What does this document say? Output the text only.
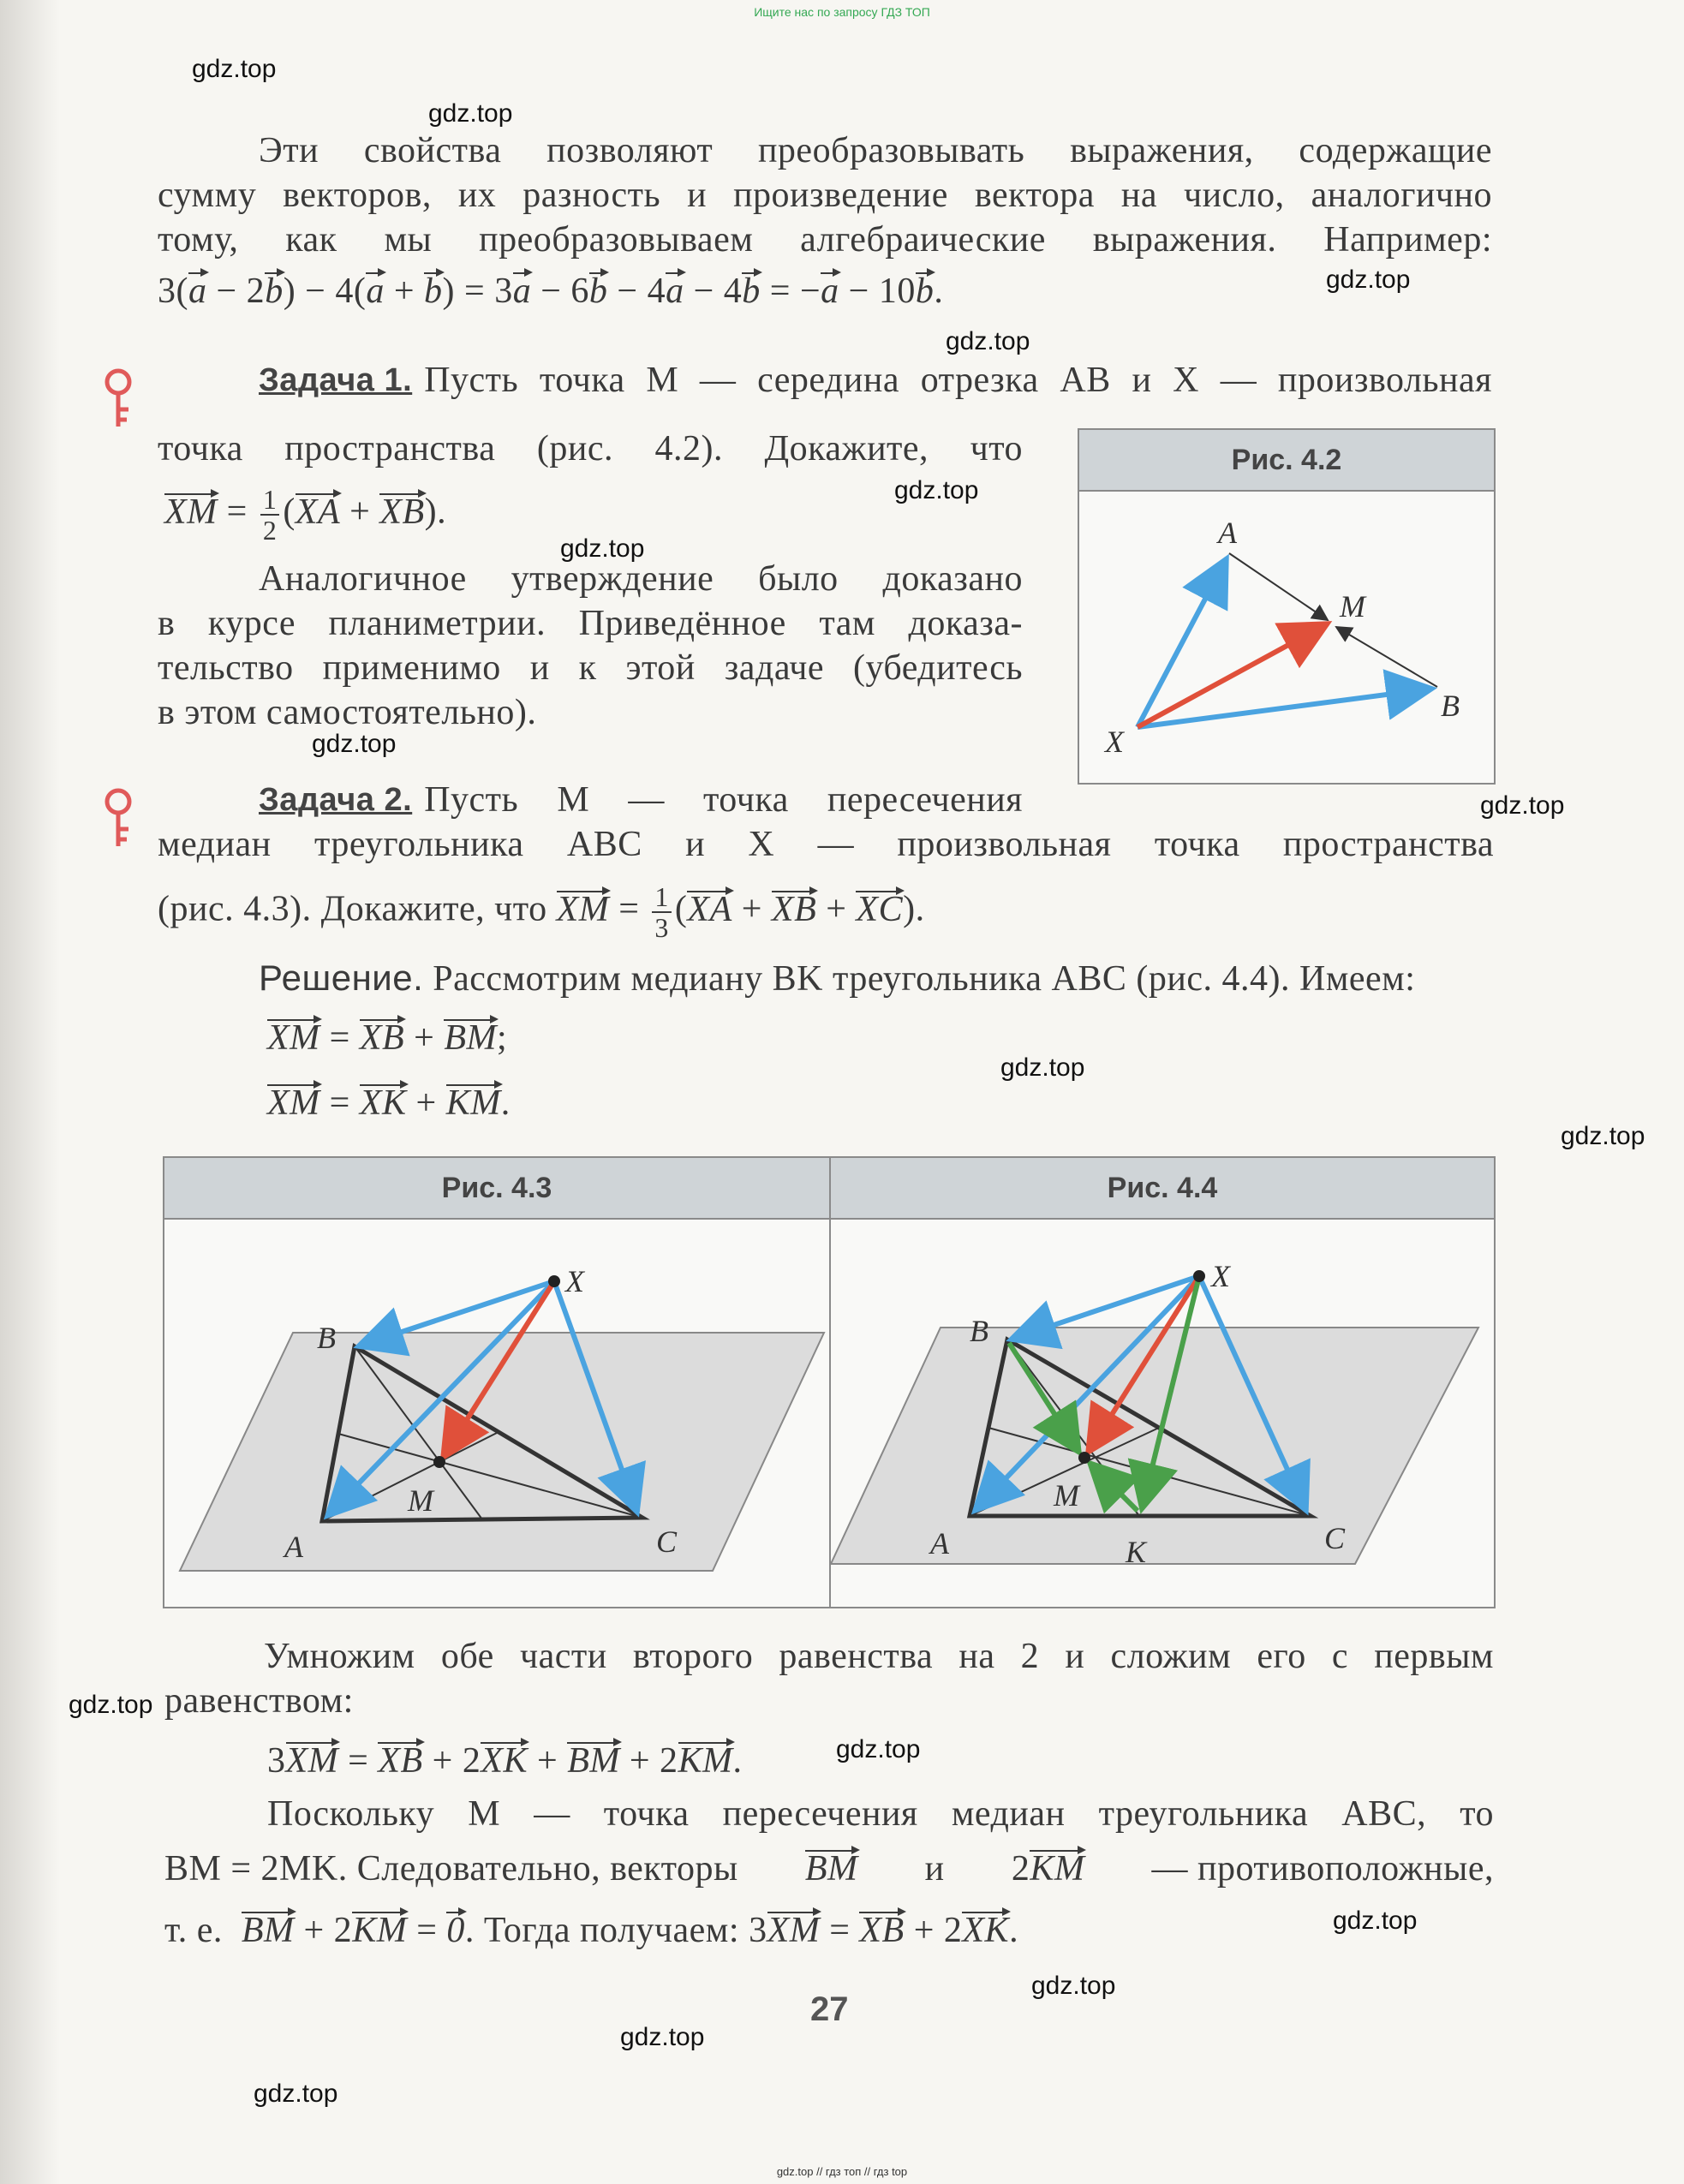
Ищите нас по запросу ГДЗ ТОП
gdz.top
gdz.top
gdz.top
gdz.top
gdz.top
gdz.top
gdz.top
gdz.top
gdz.top
gdz.top
gdz.top
gdz.top
gdz.top
gdz.top
gdz.top
gdz.top
Эти свойства позволяют преобразовывать выражения, содержащие
сумму векторов, их разность и произведение вектора на число, аналогично
тому, как мы преобразовываем алгебраические выражения. Например:
3(a − 2b) − 4(a + b) = 3a − 6b − 4a − 4b = −a − 10b.
Задача 1. Пусть точка M — середина отрезка AB и X — произвольная
точка пространства (рис. 4.2). Докажите, что
XM = $\frac{1}{2} (XA + XB)$.
Аналогичное утверждение было доказано
в курсе планиметрии. Приведённое там доказа-
тельство применимо и к этой задаче (убедитесь
в этом самостоятельно).
Рис. 4.2
A
M
B
X
Задача 2. Пусть M — точка пересечения
медиан треугольника ABC и X — произвольная точка пространства
(рис. 4.3). Докажите, что XM = $\frac{1}{3} (XA$ + XB + XC).
Решение. Рассмотрим медиану BK треугольника ABC (рис. 4.4). Имеем:
XM = XB + BM;
XM = XK + KM.
Рис. 4.3	Рис. 4.4
X
B
A	C
M
X
B
A	C
M
K
Умножим обе части второго равенства на 2 и сложим его с первым
равенством:
3XM = XB + 2XK + BM + 2KM.
Поскольку M — точка пересечения медиан треугольника ABC, то
BM = 2MK. Следовательно, векторы BM и 2KM — противоположные,
т. е. BM + 2KM = 0. Тогда получаем: 3XM = XB + 2XK.
27
gdz.top // гдз топ // гдз top
